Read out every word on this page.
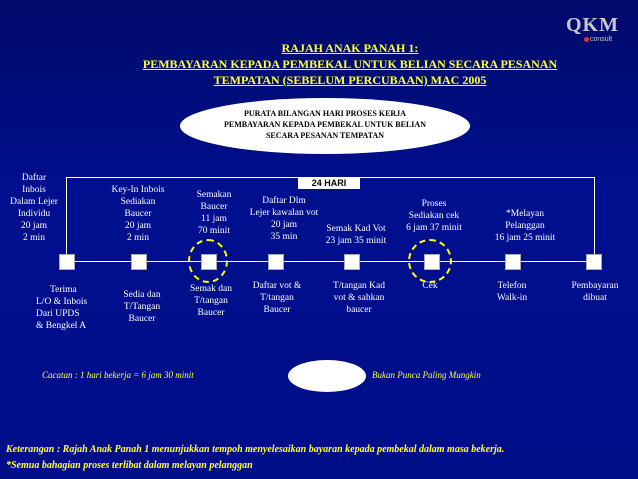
QKM
consult
RAJAH ANAK PANAH 1:
PEMBAYARAN KEPADA PEMBEKAL UNTUK BELIAN SECARA PESANAN
TEMPATAN (SEBELUM PERCUBAAN) MAC 2005
PURATA BILANGAN HARI PROSES KERJA
PEMBAYARAN KEPADA PEMBEKAL UNTUK BELIAN
SECARA PESANAN TEMPATAN
24 HARI
Daftar
Inbois
Dalam Lejer
Individu
20 jam
2 min
Key-In Inbois
Sediakan
Baucer
20 jam
2 min
Semakan
Baucer
11 jam
70 minit
Daftar Dlm
Lejer kawalan vot
20 jam
35 min
Semak Kad Vot
23 jam 35 minit
Proses
Sediakan cek
6 jam 37 minit
*Melayan
Pelanggan
16 jam 25 minit
Terima
L/O & Inbois
Dari UPDS
& Bengkel A
Sedia dan
T/Tangan
Baucer
Semak dan
T/tangan
Baucer
Daftar vot &
T/tangan
Baucer
T/tangan Kad
vot & sahkan
baucer
Cek	Telefon
Walk-in
Pembayaran
dibuat
Cacatan : 1 hari bekerja = 6 jam 30 minit	Bukan Punca Paling Mungkin
Keterangan : Rajah Anak Panah 1 menunjukkan tempoh menyelesaikan bayaran kepada pembekal dalam masa bekerja.
*Semua bahagian proses terlibat dalam melayan pelanggan
